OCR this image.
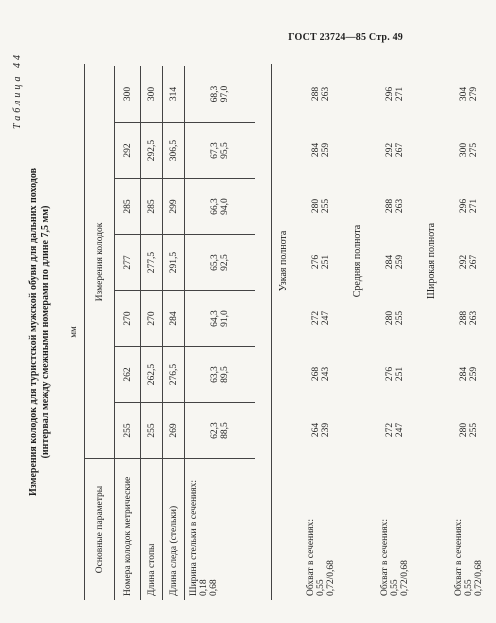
ГОСТ 23724—85 Стр. 49
Таблица 44
Измерения колодок для туристской мужской обуви для дальних походов (интервал между смежными номерами по длине 7,5 мм) мм
Основные параметры
Измерения колодок
Номера колодок метрические
255
262
270
277
285
292
300
Длина стопы
255
262,5
270
277,5
285
292,5
300
Длина следа (стельки)
269
276,5
284
291,5
299
306,5
314
Ширина стельки в сечениях: 0,18 0,68
62,3 88,5
63,3 89,5
64,3 91,0
65,3 92,5
66,3 94,0
67,3 95,5
68,3 97,0
Узкая полнота
Обхват в сечениях: 0,55 0,72/0,68
264 239
268 243
272 247
276 251
280 255
284 259
288 263
Средняя полнота
Обхват в сечениях: 0,55 0,72/0,68
272 247
276 251
280 255
284 259
288 263
292 267
296 271
Широкая полнота
Обхват в сечениях: 0,55 0,72/0,68
280 255
284 259
288 263
292 267
296 271
300 275
304 279
